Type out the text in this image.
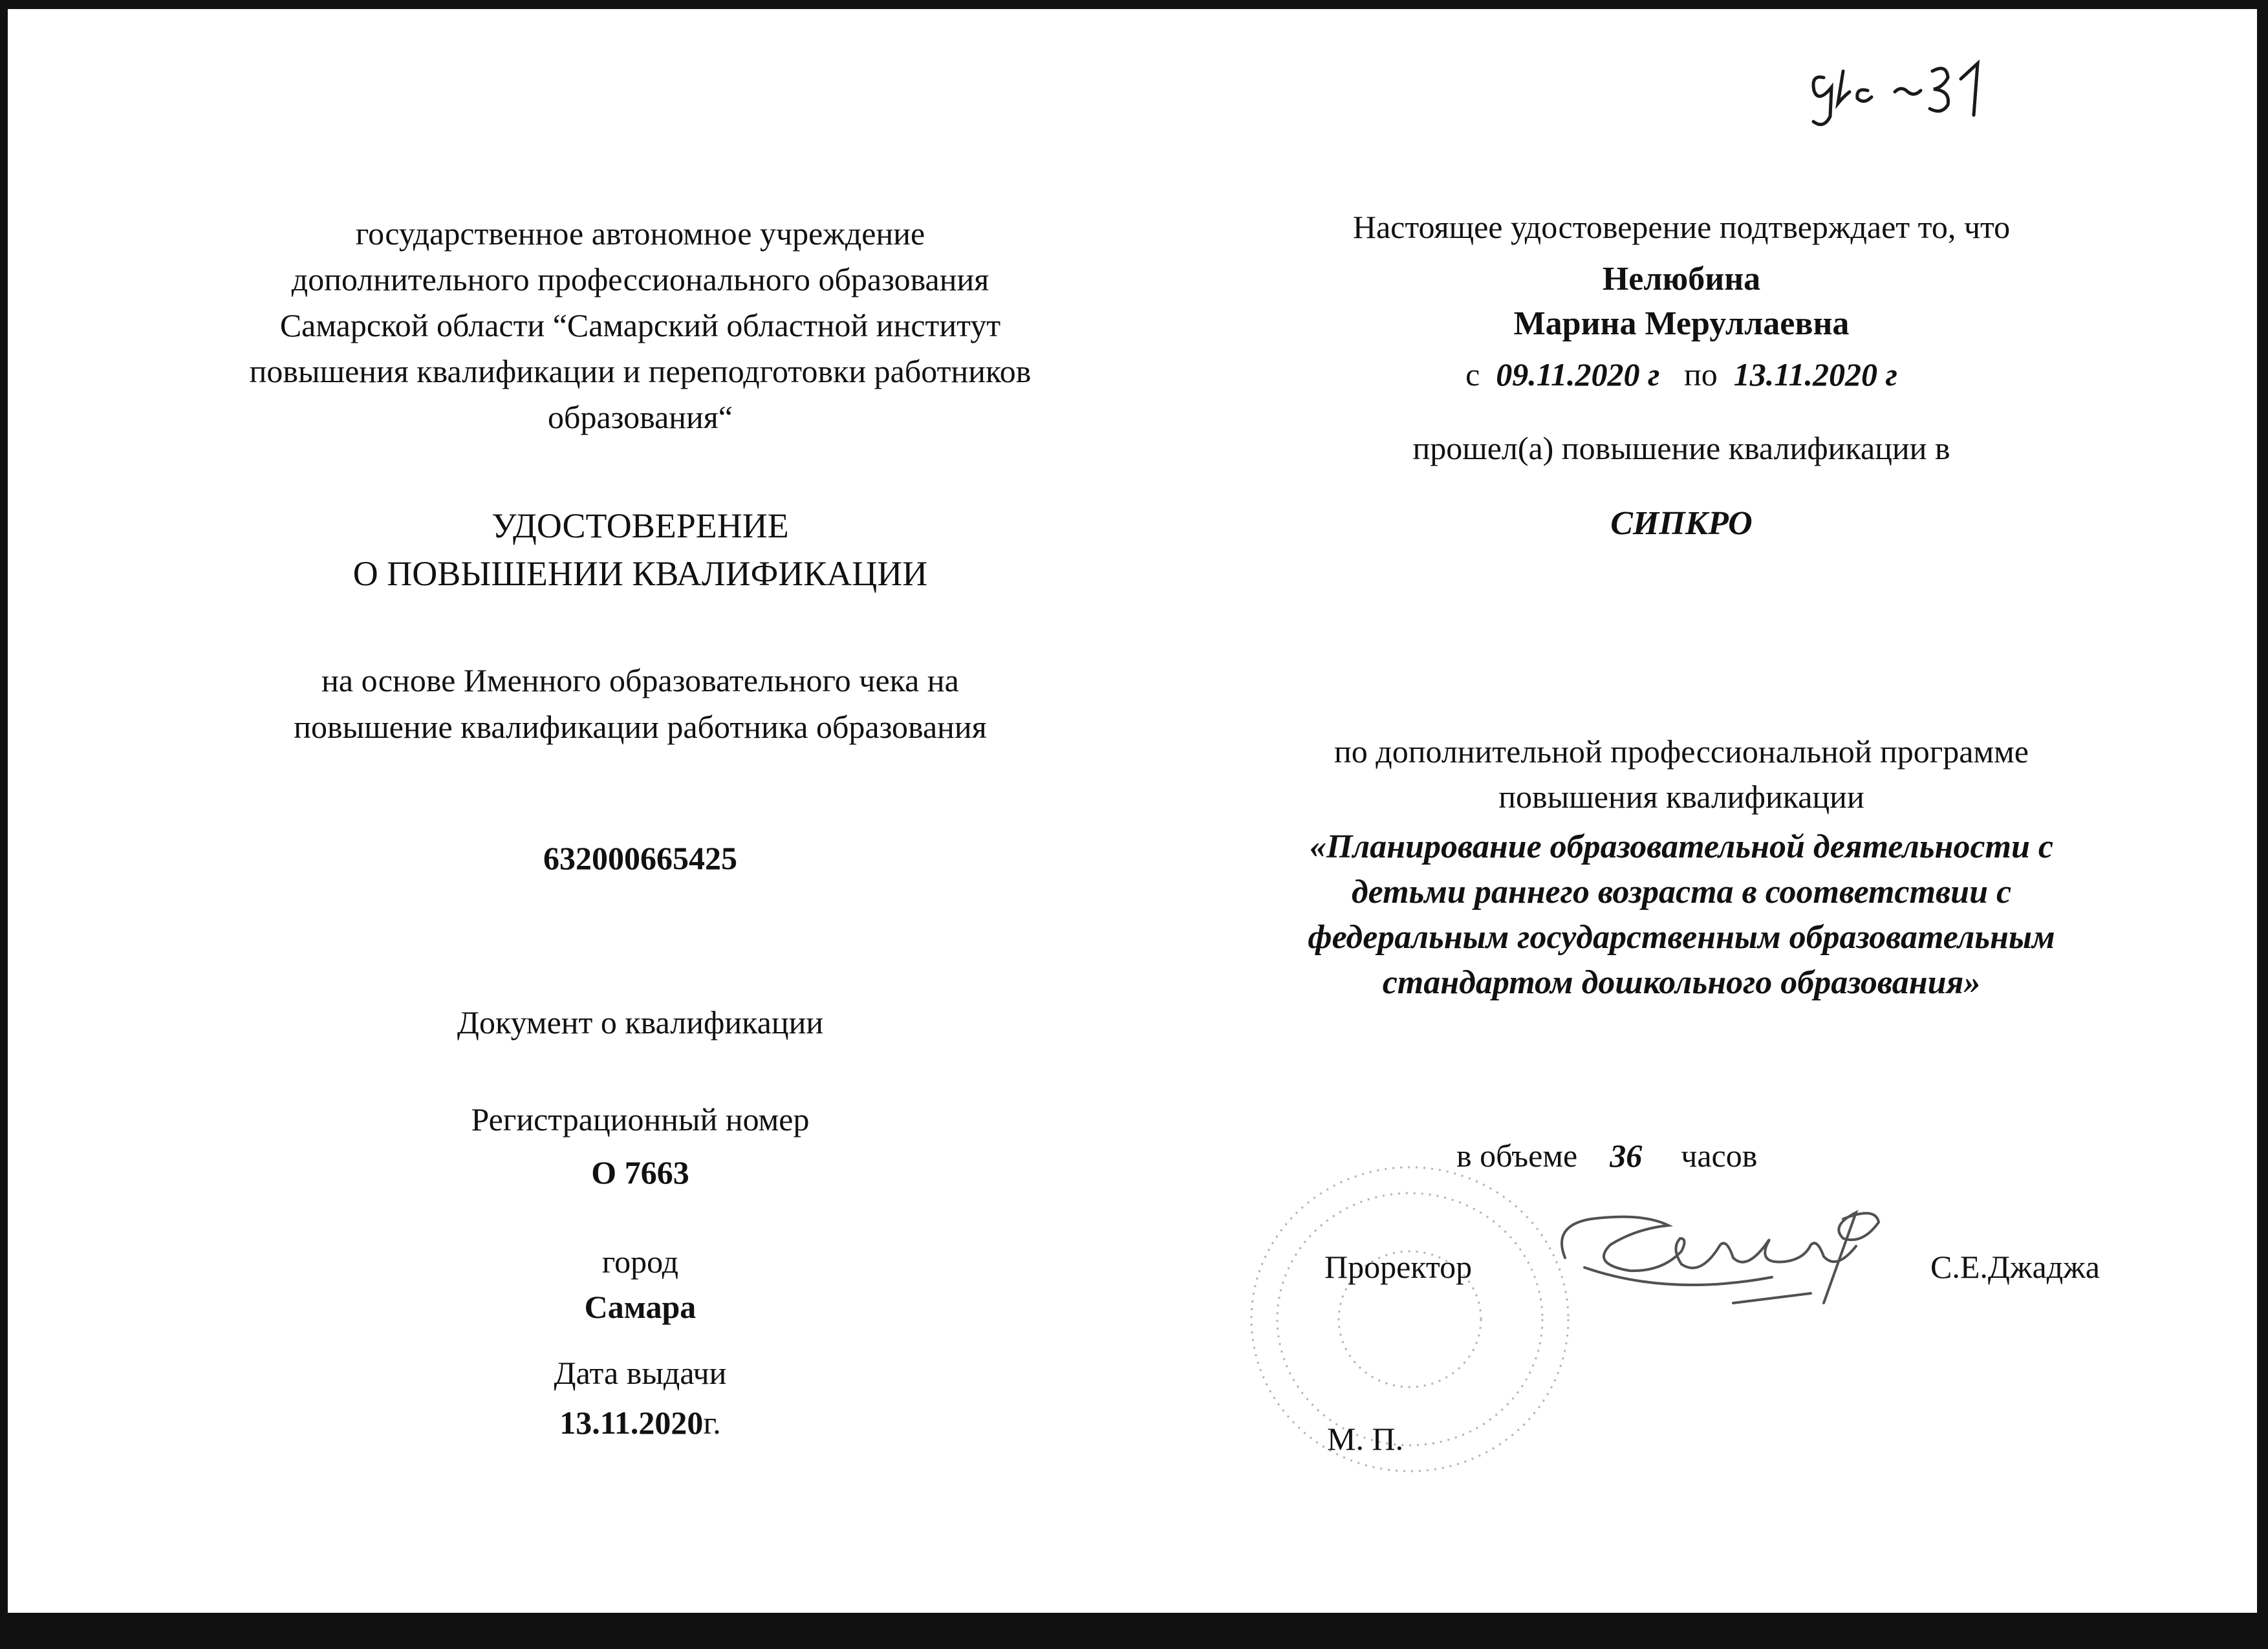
государственное автономное учреждение
дополнительного профессионального образования
Самарской области “Самарский областной институт
повышения квалификации и переподготовки работников
образования“
УДОСТОВЕРЕНИЕ
О ПОВЫШЕНИИ КВАЛИФИКАЦИИ
на основе Именного образовательного чека на
повышение квалификации работника образования
632000665425
Документ о квалификации
Регистрационный номер
О 7663
город
Самара
Дата выдачи
13.11.2020г.
Настоящее удостоверение подтверждает то, что
Нелюбина
Марина Меруллаевна
с 09.11.2020 г по 13.11.2020 г
прошел(а) повышение квалификации в
СИПКРО
по дополнительной профессиональной программе
повышения квалификации
«Планирование образовательной деятельности с
детьми раннего возраста в соответствии с
федеральным государственным образовательным
стандартом дошкольного образования»
в объеме 36 часов
Проректор	С.Е.Джаджа
М. П.
